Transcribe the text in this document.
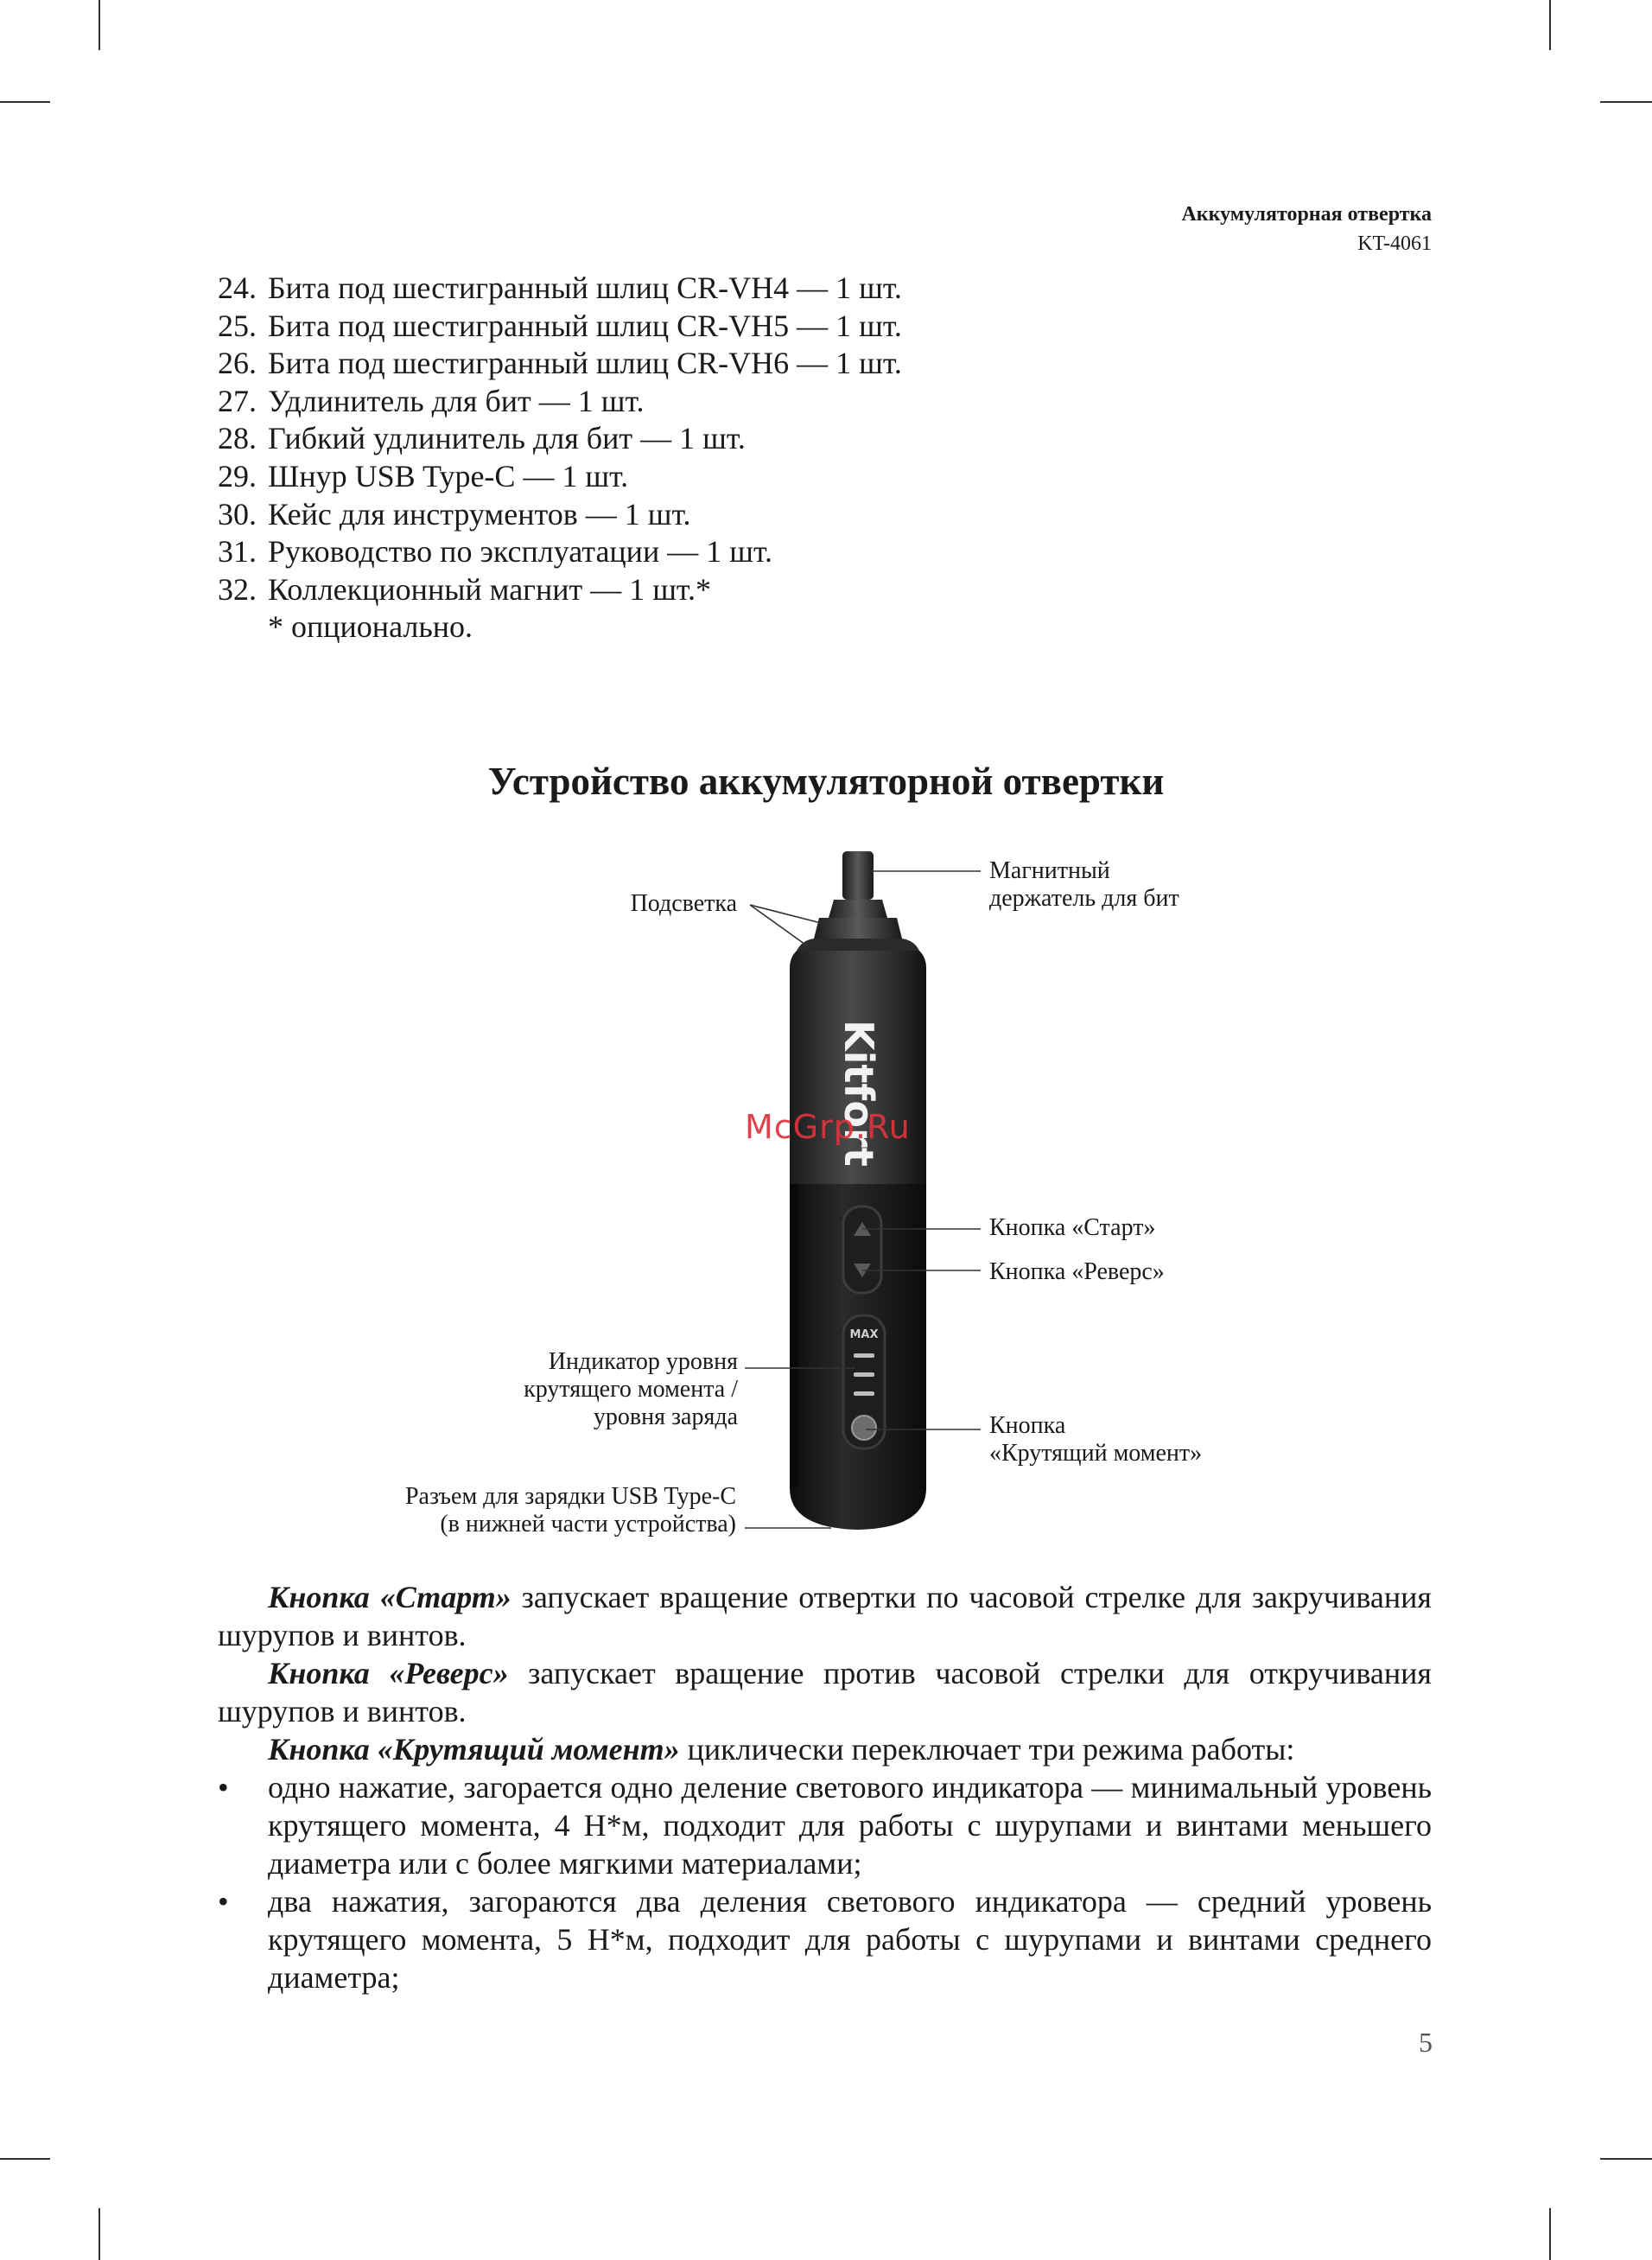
Аккумуляторная отвертка
KT-4061
24. Бита под шестигранный шлиц CR-VH4 — 1 шт.
25. Бита под шестигранный шлиц CR-VH5 — 1 шт.
26. Бита под шестигранный шлиц CR-VH6 — 1 шт.
27. Удлинитель для бит — 1 шт.
28. Гибкий удлинитель для бит — 1 шт.
29. Шнур USB Type-C — 1 шт.
30. Кейс для инструментов — 1 шт.
31. Руководство по эксплуатации — 1 шт.
32. Коллекционный магнит — 1 шт.*
* опционально.
Устройство аккумуляторной отвертки
Kitfort
MAX
Подсветка
Магнитный
держатель для бит
Кнопка «Старт»
Кнопка «Реверс»
Индикатор уровня
крутящего момента /
уровня заряда	Кнопка
«Крутящий момент»
Разъем для зарядки USB Type-C
(в нижней части устройства)
McGrp.Ru

Кнопка «Старт» запускает вращение отвертки по часовой стрелке для закручивания шурупов и винтов.

Кнопка «Реверс» запускает вращение против часовой стрелки для откручивания шурупов и винтов.

Кнопка «Крутящий момент» циклически переключает три режима работы:

•	одно нажатие, загорается одно деление светового индикатора — минимальный уровень крутящего момента, 4 Н*м, подходит для работы с шурупами и винтами меньшего диаметра или с более мягкими материалами;
•	два нажатия, загораются два деления светового индикатора — средний уровень крутящего момента, 5 Н*м, подходит для работы с шурупами и винтами среднего диаметра;
5
